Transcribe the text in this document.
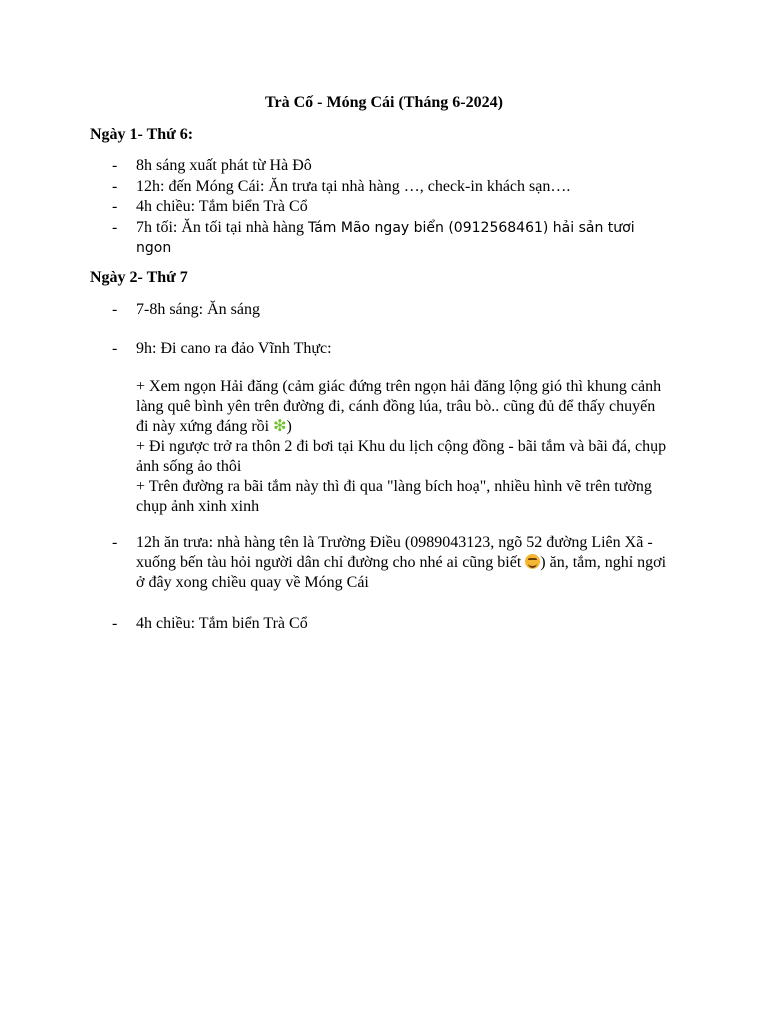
Trà Cố - Móng Cái (Tháng 6-2024)
Ngày 1- Thứ 6:
- 8h sáng xuất phát từ Hà Đô
- 12h: đến Móng Cái: Ăn trưa tại nhà hàng …, check-in khách sạn….
- 4h chiều: Tắm biển Trà Cổ
- 7h tối: Ăn tối tại nhà hàng Tám Mão ngay biển (0912568461) hải sản tươi
ngon
Ngày 2- Thứ 7
- 7-8h sáng: Ăn sáng
- 9h: Đi cano ra đảo Vĩnh Thực:
+ Xem ngọn Hải đăng (cảm giác đứng trên ngọn hải đăng lộng gió thì khung cảnh
làng quê bình yên trên đường đi, cánh đồng lúa, trâu bò.. cũng đủ để thấy chuyến
đi này xứng đáng rồi ❇)
+ Đi ngược trở ra thôn 2 đi bơi tại Khu du lịch cộng đồng - bãi tắm và bãi đá, chụp
ảnh sống ảo thôi
+ Trên đường ra bãi tắm này thì đi qua "làng bích hoạ", nhiều hình vẽ trên tường
chụp ảnh xinh xinh
- 12h ăn trưa: nhà hàng tên là Trường Điều (0989043123, ngõ 52 đường Liên Xã -
xuống bến tàu hỏi người dân chỉ đường cho nhé ai cũng biết ) ăn, tắm, nghỉ ngơi
ở đây xong chiều quay về Móng Cái
- 4h chiều: Tắm biển Trà Cổ
